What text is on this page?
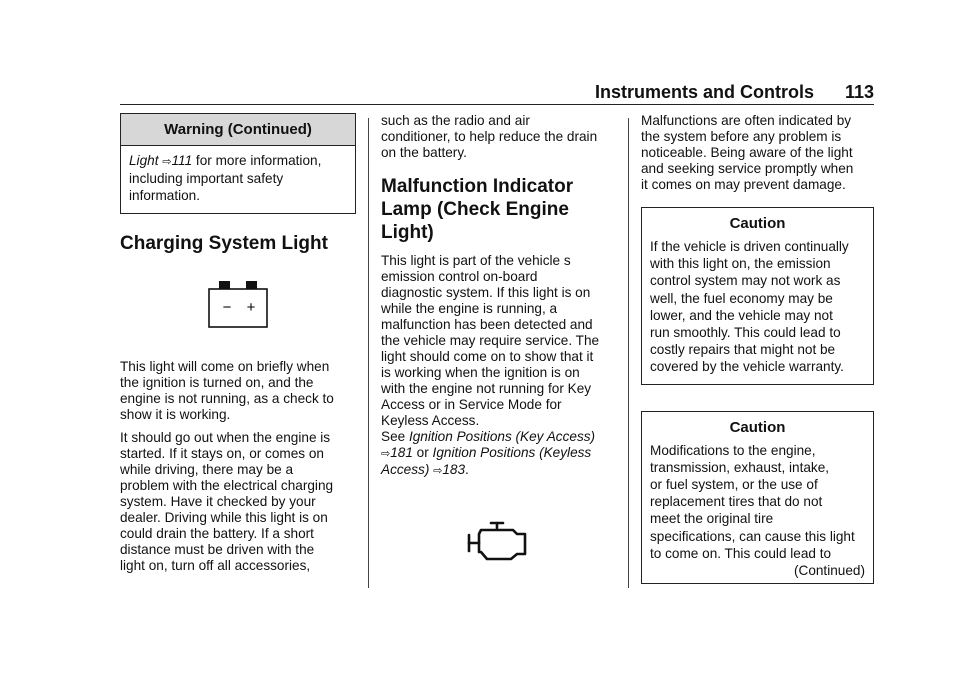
Instruments and Controls 113
Warning (Continued)

Light ⇨111 for more information,

including important safety

information.

Charging System Light
− +

This light will come on briefly when

the ignition is turned on, and the

engine is not running, as a check to

show it is working.

It should go out when the engine is

started. If it stays on, or comes on

while driving, there may be a

problem with the electrical charging

system. Have it checked by your

dealer. Driving while this light is on

could drain the battery. If a short

distance must be driven with the

light on, turn off all accessories,

such as the radio and air

conditioner, to help reduce the drain

on the battery.

Malfunction Indicator
Lamp (Check Engine
Light)

This light is part of the vehicle s

emission control on-board

diagnostic system. If this light is on

while the engine is running, a

malfunction has been detected and

the vehicle may require service. The

light should come on to show that it

is working when the ignition is on

with the engine not running for Key

Access or in Service Mode for

Keyless Access.

See Ignition Positions (Key Access)

⇨181 or Ignition Positions (Keyless

Access) ⇨183.

Malfunctions are often indicated by

the system before any problem is

noticeable. Being aware of the light

and seeking service promptly when

it comes on may prevent damage.

Caution

If the vehicle is driven continually

with this light on, the emission

control system may not work as

well, the fuel economy may be

lower, and the vehicle may not

run smoothly. This could lead to

costly repairs that might not be

covered by the vehicle warranty.

Caution

Modifications to the engine,

transmission, exhaust, intake,

or fuel system, or the use of

replacement tires that do not

meet the original tire

specifications, can cause this light

to come on. This could lead to

(Continued)
